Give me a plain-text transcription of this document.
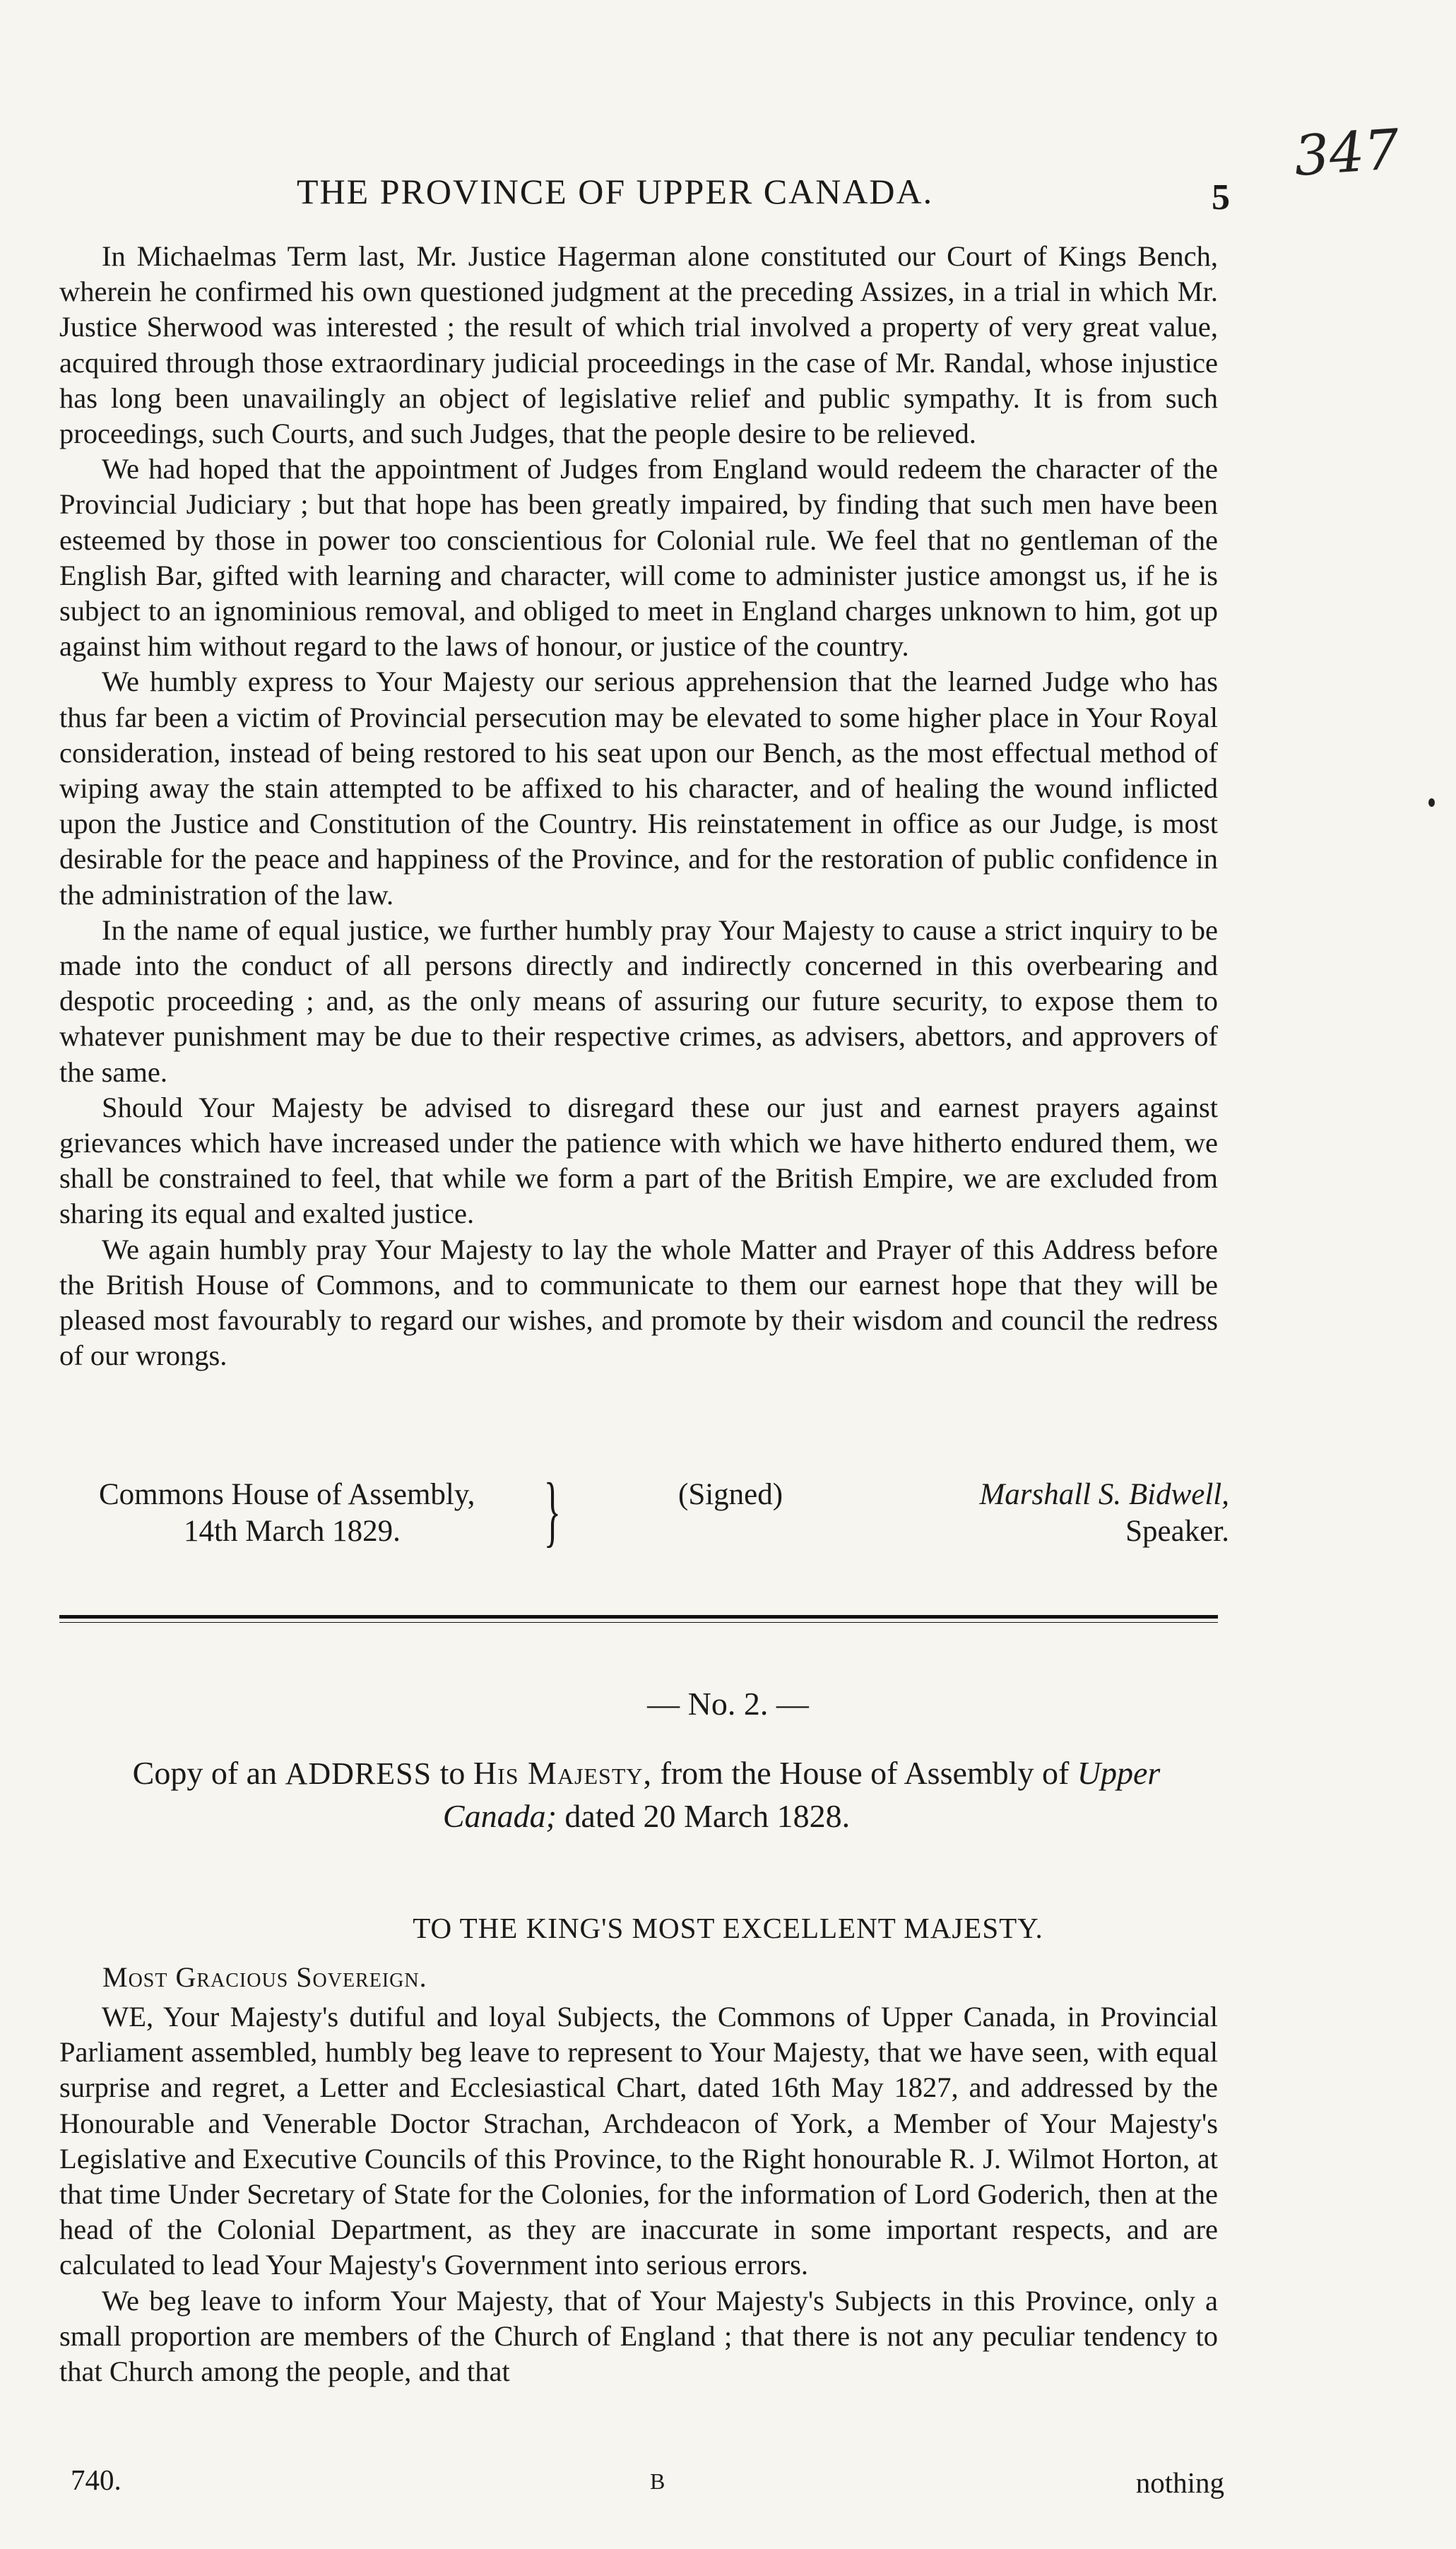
347
THE PROVINCE OF UPPER CANADA.	5

In Michaelmas Term last, Mr. Justice Hagerman alone constituted our Court of Kings Bench, wherein he confirmed his own questioned judgment at the preceding Assizes, in a trial in which Mr. Justice Sherwood was interested ; the result of which trial involved a property of very great value, acquired through those extraordinary judicial proceedings in the case of Mr. Randal, whose injustice has long been unavailingly an object of legislative relief and public sympathy. It is from such proceedings, such Courts, and such Judges, that the people desire to be relieved.

We had hoped that the appointment of Judges from England would redeem the character of the Provincial Judiciary ; but that hope has been greatly impaired, by finding that such men have been esteemed by those in power too conscientious for Colonial rule. We feel that no gentleman of the English Bar, gifted with learning and character, will come to administer justice amongst us, if he is subject to an ignominious removal, and obliged to meet in England charges unknown to him, got up against him without regard to the laws of honour, or justice of the country.

We humbly express to Your Majesty our serious apprehension that the learned Judge who has thus far been a victim of Provincial persecution may be elevated to some higher place in Your Royal consideration, instead of being restored to his seat upon our Bench, as the most effectual method of wiping away the stain attempted to be affixed to his character, and of healing the wound inflicted upon the Justice and Constitution of the Country. His reinstatement in office as our Judge, is most desirable for the peace and happiness of the Province, and for the restoration of public confidence in the administration of the law.

In the name of equal justice, we further humbly pray Your Majesty to cause a strict inquiry to be made into the conduct of all persons directly and indirectly concerned in this overbearing and despotic proceeding ; and, as the only means of assuring our future security, to expose them to whatever punishment may be due to their respective crimes, as advisers, abettors, and approvers of the same.

Should Your Majesty be advised to disregard these our just and earnest prayers against grievances which have increased under the patience with which we have hitherto endured them, we shall be constrained to feel, that while we form a part of the British Empire, we are excluded from sharing its equal and exalted justice.

We again humbly pray Your Majesty to lay the whole Matter and Prayer of this Address before the British House of Commons, and to communicate to them our earnest hope that they will be pleased most favourably to regard our wishes, and promote by their wisdom and council the redress of our wrongs.

Commons House of Assembly,
14th March 1829.	}	(Signed)	Marshall S. Bidwell,
Speaker.
— No. 2. —
Copy of an ADDRESS to His Majesty, from the House of Assembly of Upper Canada; dated 20 March 1828.
TO THE KING'S MOST EXCELLENT MAJESTY.
Most Gracious Sovereign.

WE, Your Majesty's dutiful and loyal Subjects, the Commons of Upper Canada, in Provincial Parliament assembled, humbly beg leave to represent to Your Majesty, that we have seen, with equal surprise and regret, a Letter and Ecclesiastical Chart, dated 16th May 1827, and addressed by the Honourable and Venerable Doctor Strachan, Archdeacon of York, a Member of Your Majesty's Legislative and Executive Councils of this Province, to the Right honourable R. J. Wilmot Horton, at that time Under Secretary of State for the Colonies, for the information of Lord Goderich, then at the head of the Colonial Department, as they are inaccurate in some important respects, and are calculated to lead Your Majesty's Government into serious errors.

We beg leave to inform Your Majesty, that of Your Majesty's Subjects in this Province, only a small proportion are members of the Church of England ; that there is not any peculiar tendency to that Church among the people, and that

740.	B	nothing
